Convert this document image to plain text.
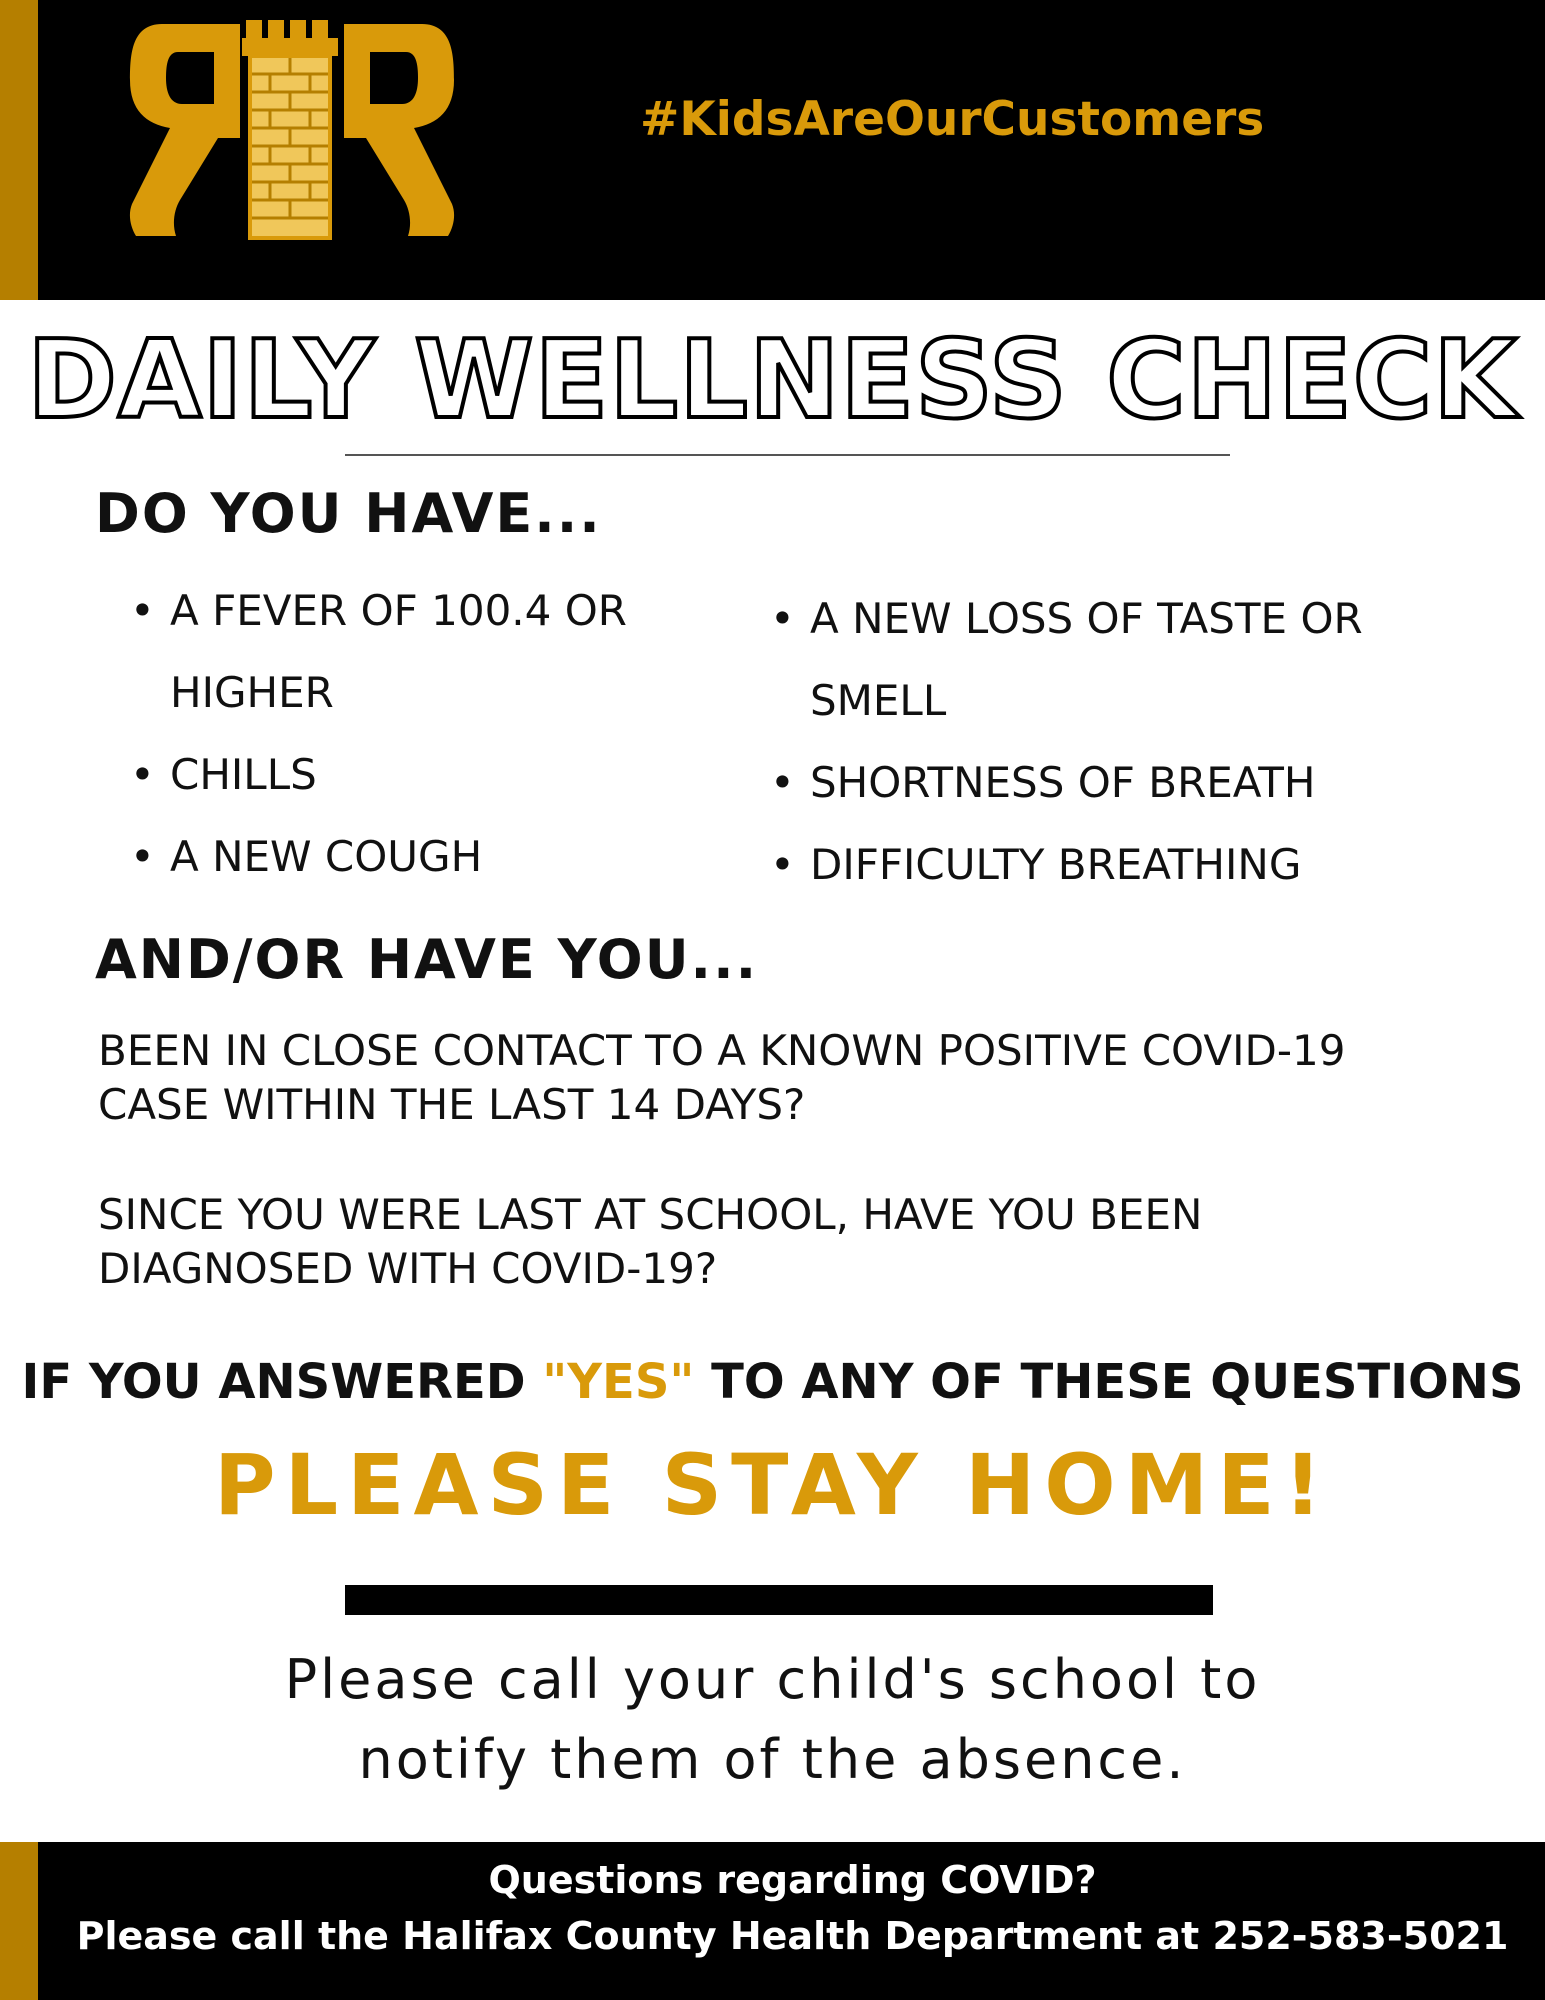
#KidsAreOurCustomers
DAILY WELLNESS CHECK
DO YOU HAVE...
• A FEVER OF 100.4 OR HIGHER
• CHILLS
• A NEW COUGH
• A NEW LOSS OF TASTE OR SMELL
• SHORTNESS OF BREATH
• DIFFICULTY BREATHING
AND/OR HAVE YOU...
BEEN IN CLOSE CONTACT TO A KNOWN POSITIVE COVID-19 CASE WITHIN THE LAST 14 DAYS?
SINCE YOU WERE LAST AT SCHOOL, HAVE YOU BEEN DIAGNOSED WITH COVID-19?
IF YOU ANSWERED "YES" TO ANY OF THESE QUESTIONS
PLEASE STAY HOME!
Please call your child's school to
notify them of the absence.
Questions regarding COVID?
Please call the Halifax County Health Department at 252-583-5021
